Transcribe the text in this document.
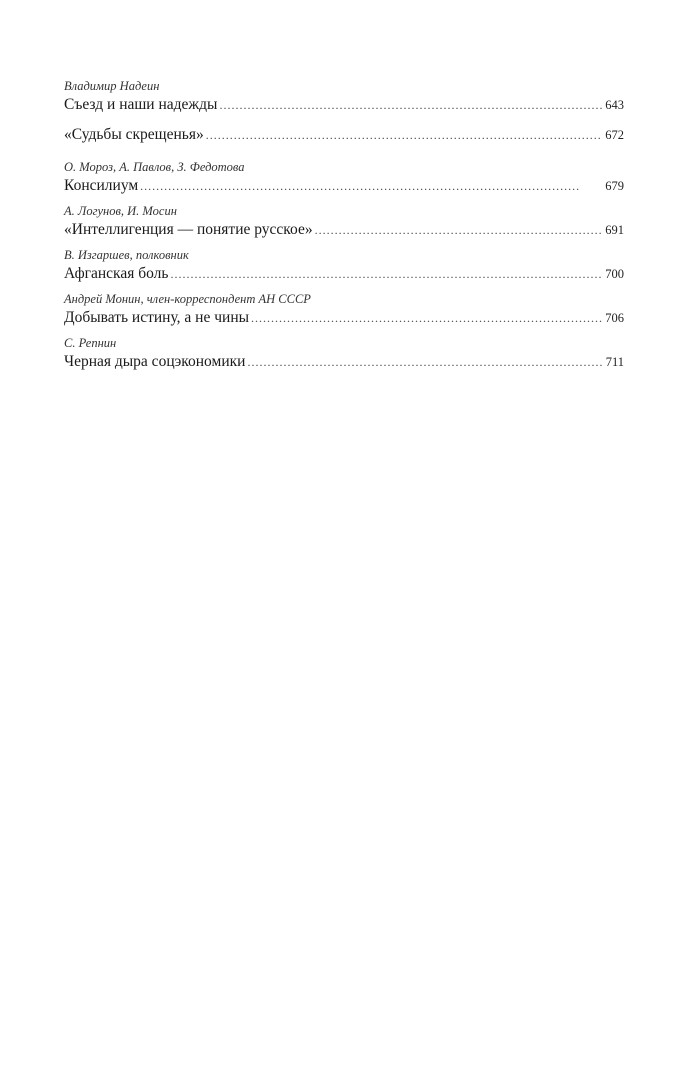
Владимир Надеин
Съезд и наши надежды . . .	643
«Судьбы скрещенья» . . .	672
О. Мороз, А. Павлов, З. Федотова
Консилиум . . .	679
А. Логунов, И. Мосин
«Интеллигенция — понятие русское» . . .	691
В. Изгаршев, полковник
Афганская боль . . .	700
Андрей Монин, член-корреспондент АН СССР
Добывать истину, а не чины . . .	706
С. Репнин
Черная дыра соцэкономики . . .	711
